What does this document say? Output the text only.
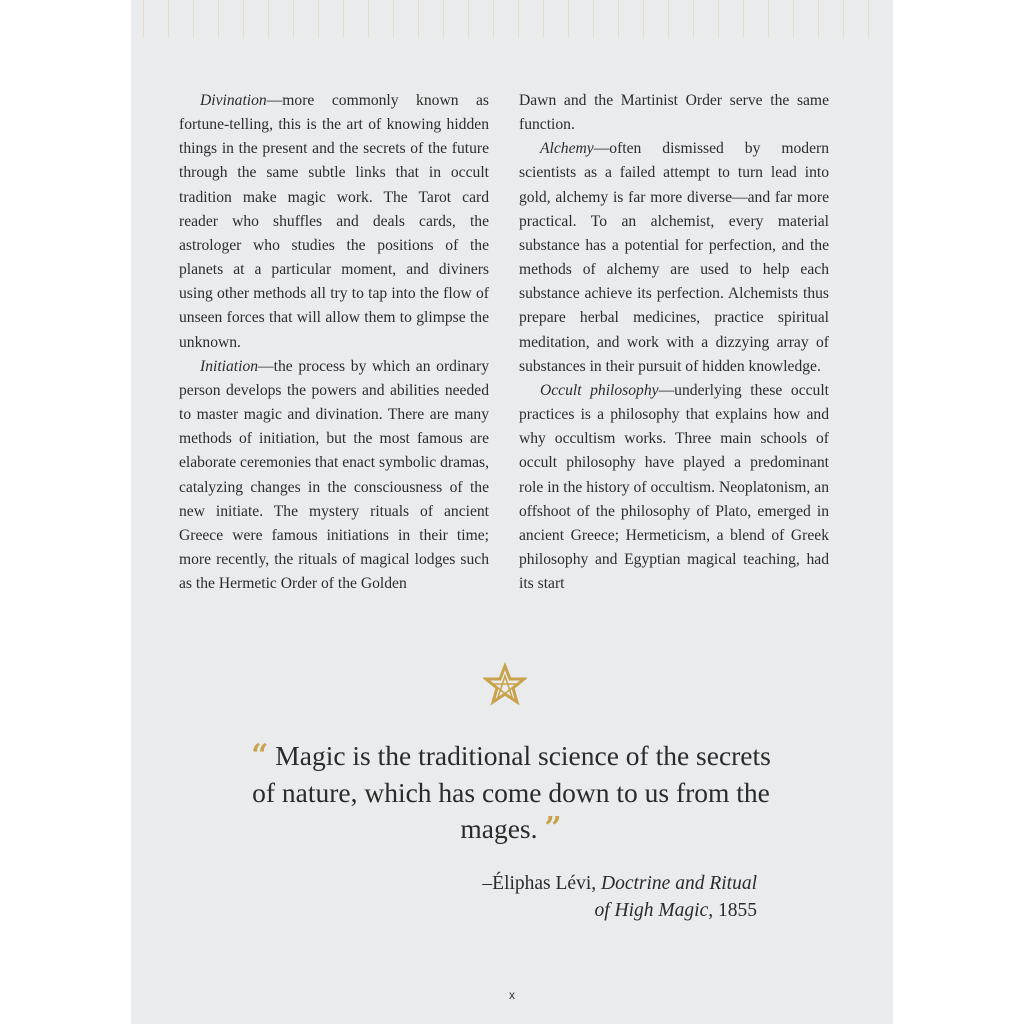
Divination—more commonly known as fortune-telling, this is the art of knowing hidden things in the present and the secrets of the future through the same subtle links that in occult tradition make magic work. The Tarot card reader who shuffles and deals cards, the astrologer who studies the positions of the planets at a particular moment, and diviners using other methods all try to tap into the flow of unseen forces that will allow them to glimpse the unknown.

Initiation—the process by which an ordinary person develops the powers and abilities needed to master magic and divination. There are many methods of initiation, but the most famous are elaborate ceremonies that enact symbolic dramas, catalyzing changes in the consciousness of the new initiate. The mystery rituals of ancient Greece were famous initiations in their time; more recently, the rituals of magical lodges such as the Hermetic Order of the Golden

Dawn and the Martinist Order serve the same function.

Alchemy—often dismissed by modern scientists as a failed attempt to turn lead into gold, alchemy is far more diverse—and far more practical. To an alchemist, every material substance has a potential for perfection, and the methods of alchemy are used to help each substance achieve its perfection. Alchemists thus prepare herbal medicines, practice spiritual meditation, and work with a dizzying array of substances in their pursuit of hidden knowledge.

Occult philosophy—underlying these occult practices is a philosophy that explains how and why occultism works. Three main schools of occult philosophy have played a predominant role in the history of occultism. Neoplatonism, an offshoot of the philosophy of Plato, emerged in ancient Greece; Hermeticism, a blend of Greek philosophy and Egyptian magical teaching, had its start

“ Magic is the traditional science of the secrets of nature, which has come down to us from the mages. ”
–Éliphas Lévi, Doctrine and Ritual
of High Magic, 1855
x
